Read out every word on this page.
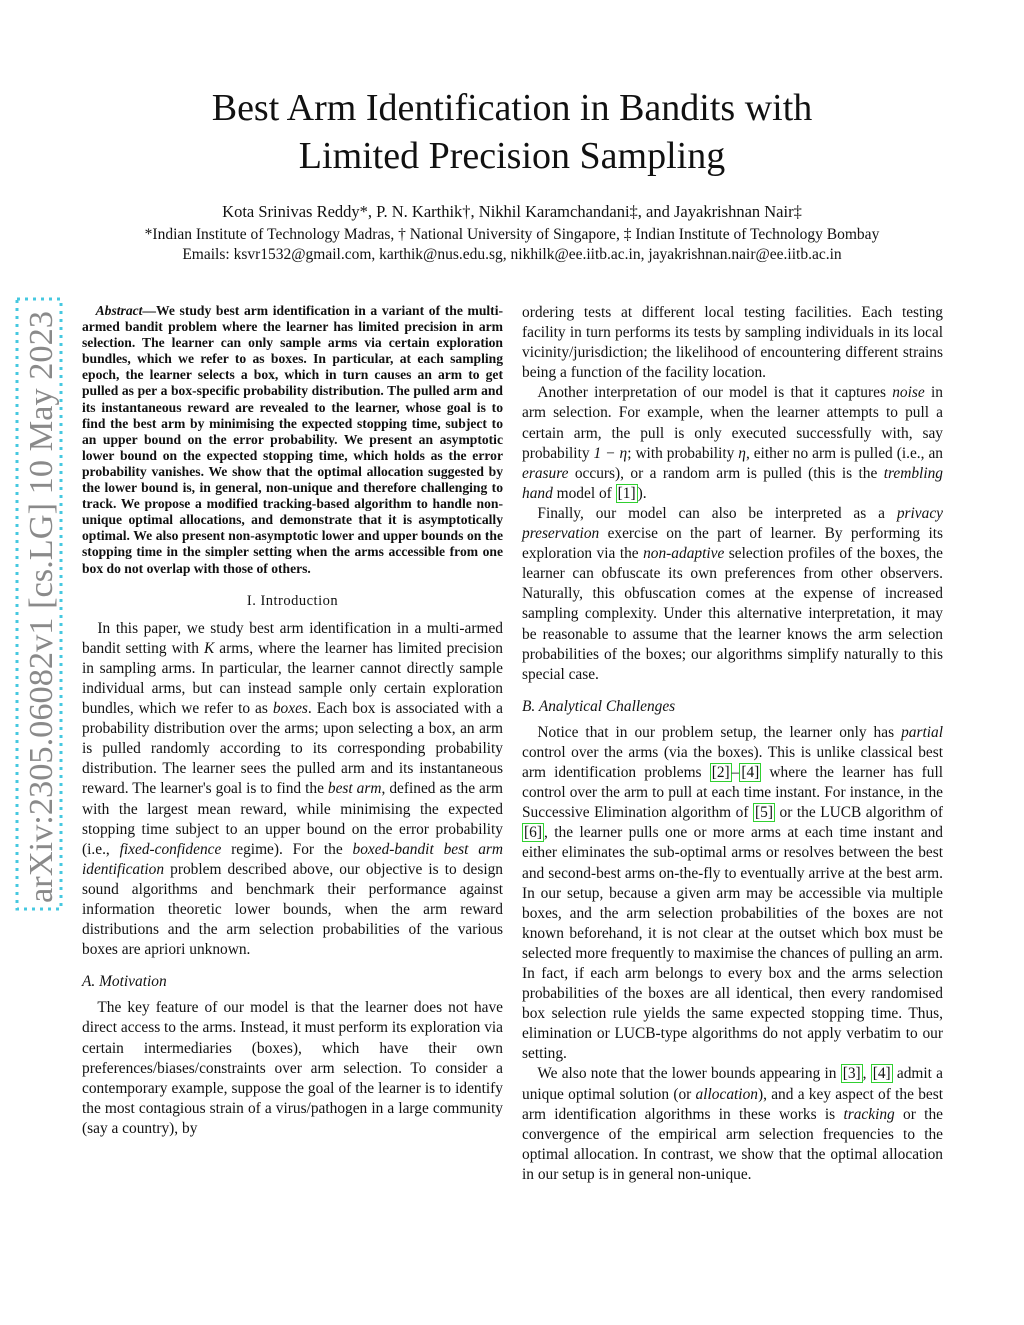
Best Arm Identification in Bandits with
Limited Precision Sampling
Kota Srinivas Reddy*, P. N. Karthik†, Nikhil Karamchandani‡, and Jayakrishnan Nair‡
*Indian Institute of Technology Madras, † National University of Singapore, ‡ Indian Institute of Technology Bombay
Emails: ksvr1532@gmail.com, karthik@nus.edu.sg, nikhilk@ee.iitb.ac.in, jayakrishnan.nair@ee.iitb.ac.in
arXiv:2305.06082v1 [cs.LG] 10 May 2023

Abstract—We study best arm identification in a variant of the multi-armed bandit problem where the learner has limited precision in arm selection. The learner can only sample arms via certain exploration bundles, which we refer to as boxes. In particular, at each sampling epoch, the learner selects a box, which in turn causes an arm to get pulled as per a box-specific probability distribution. The pulled arm and its instantaneous reward are revealed to the learner, whose goal is to find the best arm by minimising the expected stopping time, subject to an upper bound on the error probability. We present an asymptotic lower bound on the expected stopping time, which holds as the error probability vanishes. We show that the optimal allocation suggested by the lower bound is, in general, non-unique and therefore challenging to track. We propose a modified tracking-based algorithm to handle non-unique optimal allocations, and demonstrate that it is asymptotically optimal. We also present non-asymptotic lower and upper bounds on the stopping time in the simpler setting when the arms accessible from one box do not overlap with those of others.

I. Introduction

In this paper, we study best arm identification in a multi-armed bandit setting with K arms, where the learner has limited precision in sampling arms. In particular, the learner cannot directly sample individual arms, but can instead sample only certain exploration bundles, which we refer to as boxes. Each box is associated with a probability distribution over the arms; upon selecting a box, an arm is pulled randomly according to its corresponding probability distribution. The learner sees the pulled arm and its instantaneous reward. The learner's goal is to find the best arm, defined as the arm with the largest mean reward, while minimising the expected stopping time subject to an upper bound on the error probability (i.e., fixed-confidence regime). For the boxed-bandit best arm identification problem described above, our objective is to design sound algorithms and benchmark their performance against information theoretic lower bounds, when the arm reward distributions and the arm selection probabilities of the various boxes are apriori unknown.

A. Motivation

The key feature of our model is that the learner does not have direct access to the arms. Instead, it must perform its exploration via certain intermediaries (boxes), which have their own preferences/biases/constraints over arm selection. To consider a contemporary example, suppose the goal of the learner is to identify the most contagious strain of a virus/pathogen in a large community (say a country), by

ordering tests at different local testing facilities. Each testing facility in turn performs its tests by sampling individuals in its local vicinity/jurisdiction; the likelihood of encountering different strains being a function of the facility location.

Another interpretation of our model is that it captures noise in arm selection. For example, when the learner attempts to pull a certain arm, the pull is only executed successfully with, say probability 1 − η; with probability η, either no arm is pulled (i.e., an erasure occurs), or a random arm is pulled (this is the trembling hand model of [1] ).

Finally, our model can also be interpreted as a privacy preservation exercise on the part of learner. By performing its exploration via the non-adaptive selection profiles of the boxes, the learner can obfuscate its own preferences from other observers. Naturally, this obfuscation comes at the expense of increased sampling complexity. Under this alternative interpretation, it may be reasonable to assume that the learner knows the arm selection probabilities of the boxes; our algorithms simplify naturally to this special case.

B. Analytical Challenges

Notice that in our problem setup, the learner only has partial control over the arms (via the boxes). This is unlike classical best arm identification problems [2] – [4] where the learner has full control over the arm to pull at each time instant. For instance, in the Successive Elimination algorithm of [5] or the LUCB algorithm of [6] , the learner pulls one or more arms at each time instant and either eliminates the sub-optimal arms or resolves between the best and second-best arms on-the-fly to eventually arrive at the best arm. In our setup, because a given arm may be accessible via multiple boxes, and the arm selection probabilities of the boxes are not known beforehand, it is not clear at the outset which box must be selected more frequently to maximise the chances of pulling an arm. In fact, if each arm belongs to every box and the arms selection probabilities of the boxes are all identical, then every randomised box selection rule yields the same expected stopping time. Thus, elimination or LUCB-type algorithms do not apply verbatim to our setting.

We also note that the lower bounds appearing in [3] , [4] admit a unique optimal solution (or allocation), and a key aspect of the best arm identification algorithms in these works is tracking or the convergence of the empirical arm selection frequencies to the optimal allocation. In contrast, we show that the optimal allocation in our setup is in general non-unique.
